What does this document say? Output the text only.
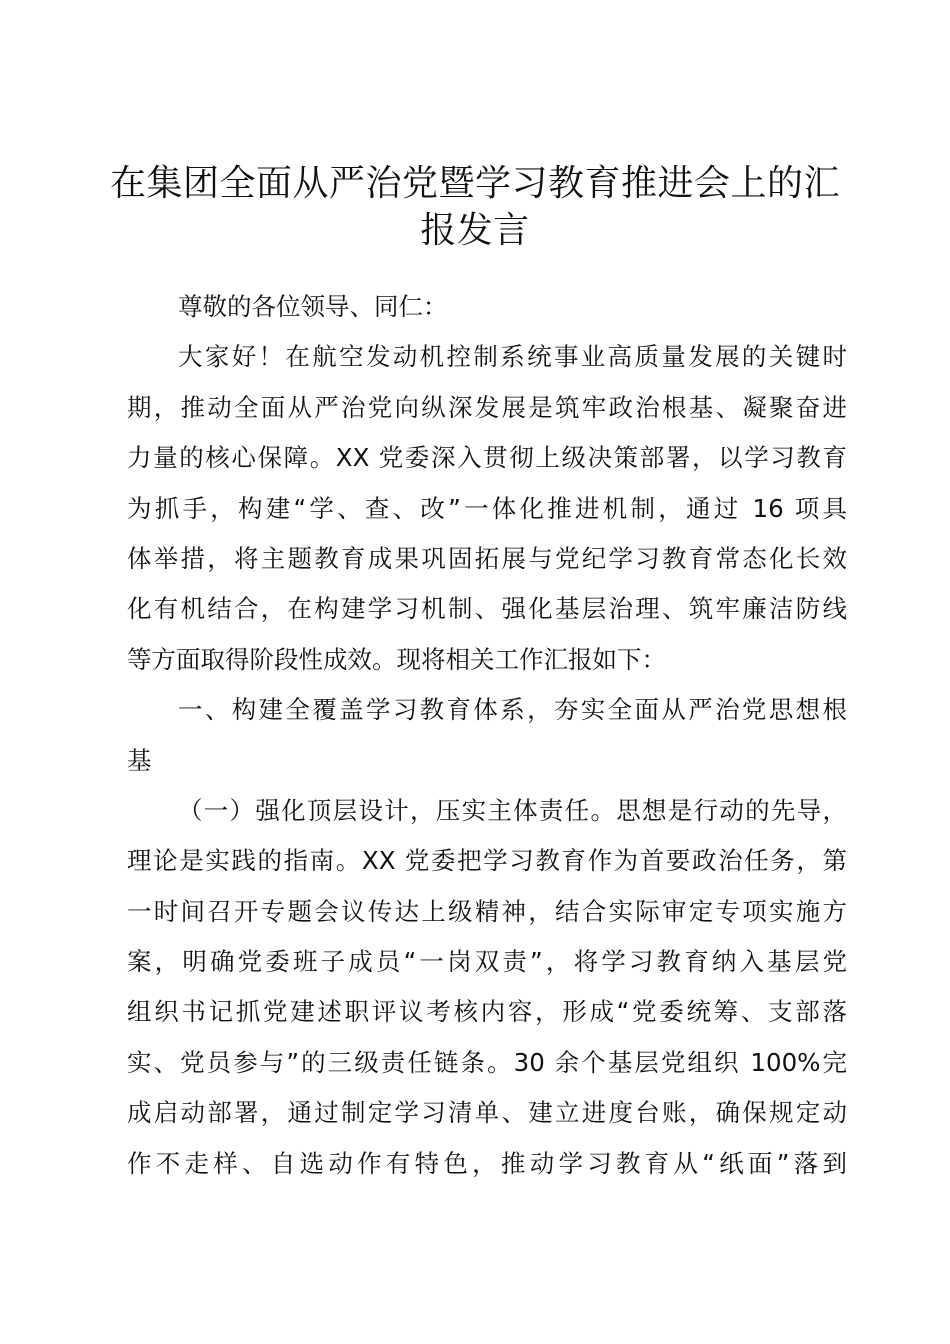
在集团全面从严治党暨学习教育推进会上的汇
报发言

尊敬的各位领导、同仁：

大家好！在航空发动机控制系统事业高质量发展的关键时
期，推动全面从严治党向纵深发展是筑牢政治根基、凝聚奋进
力量的核心保障。XX 党委深入贯彻上级决策部署，以学习教育
为抓手，构建“学、查、改”一体化推进机制，通过 16 项具
体举措，将主题教育成果巩固拓展与党纪学习教育常态化长效
化有机结合，在构建学习机制、强化基层治理、筑牢廉洁防线
等方面取得阶段性成效。现将相关工作汇报如下：

一、构建全覆盖学习教育体系，夯实全面从严治党思想根
基

（一）强化顶层设计，压实主体责任。思想是行动的先导，
理论是实践的指南。XX 党委把学习教育作为首要政治任务，第
一时间召开专题会议传达上级精神，结合实际审定专项实施方
案，明确党委班子成员“一岗双责”，将学习教育纳入基层党
组织书记抓党建述职评议考核内容，形成“党委统筹、支部落
实、党员参与”的三级责任链条。30 余个基层党组织 100%完
成启动部署，通过制定学习清单、建立进度台账，确保规定动
作不走样、自选动作有特色，推动学习教育从“纸面”落到
